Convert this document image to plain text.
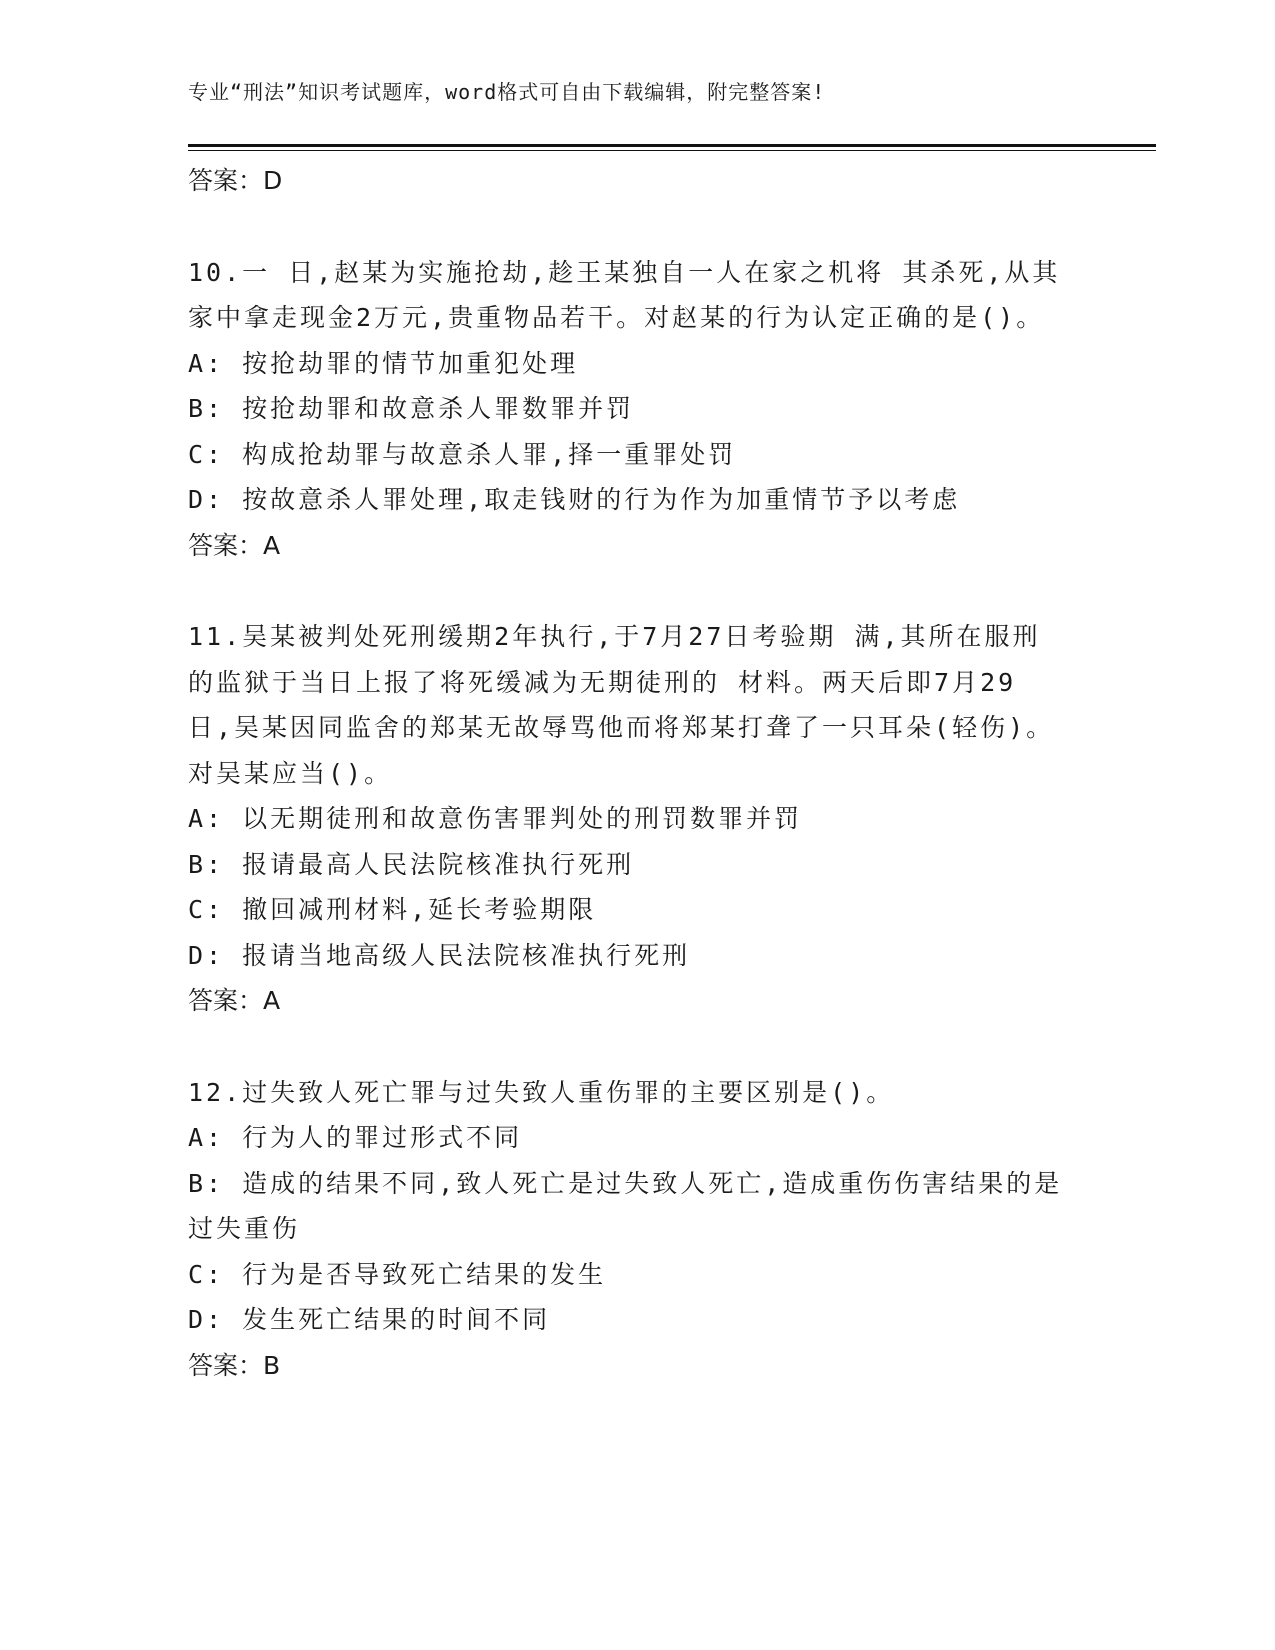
专业“刑法”知识考试题库，word格式可自由下载编辑，附完整答案!
答案：D
10.一 日,赵某为实施抢劫,趁王某独自一人在家之机将 其杀死,从其
家中拿走现金2万元,贵重物品若干。对赵某的行为认定正确的是()。
A: 按抢劫罪的情节加重犯处理
B: 按抢劫罪和故意杀人罪数罪并罚
C: 构成抢劫罪与故意杀人罪,择一重罪处罚
D: 按故意杀人罪处理,取走钱财的行为作为加重情节予以考虑
答案：A
11.吴某被判处死刑缓期2年执行,于7月27日考验期 满,其所在服刑
的监狱于当日上报了将死缓减为无期徒刑的 材料。两天后即7月29
日,吴某因同监舍的郑某无故辱骂他而将郑某打聋了一只耳朵(轻伤)。
对吴某应当()。
A: 以无期徒刑和故意伤害罪判处的刑罚数罪并罚
B: 报请最高人民法院核准执行死刑
C: 撤回减刑材料,延长考验期限
D: 报请当地高级人民法院核准执行死刑
答案：A
12.过失致人死亡罪与过失致人重伤罪的主要区别是()。
A: 行为人的罪过形式不同
B: 造成的结果不同,致人死亡是过失致人死亡,造成重伤伤害结果的是
过失重伤
C: 行为是否导致死亡结果的发生
D: 发生死亡结果的时间不同
答案：B
